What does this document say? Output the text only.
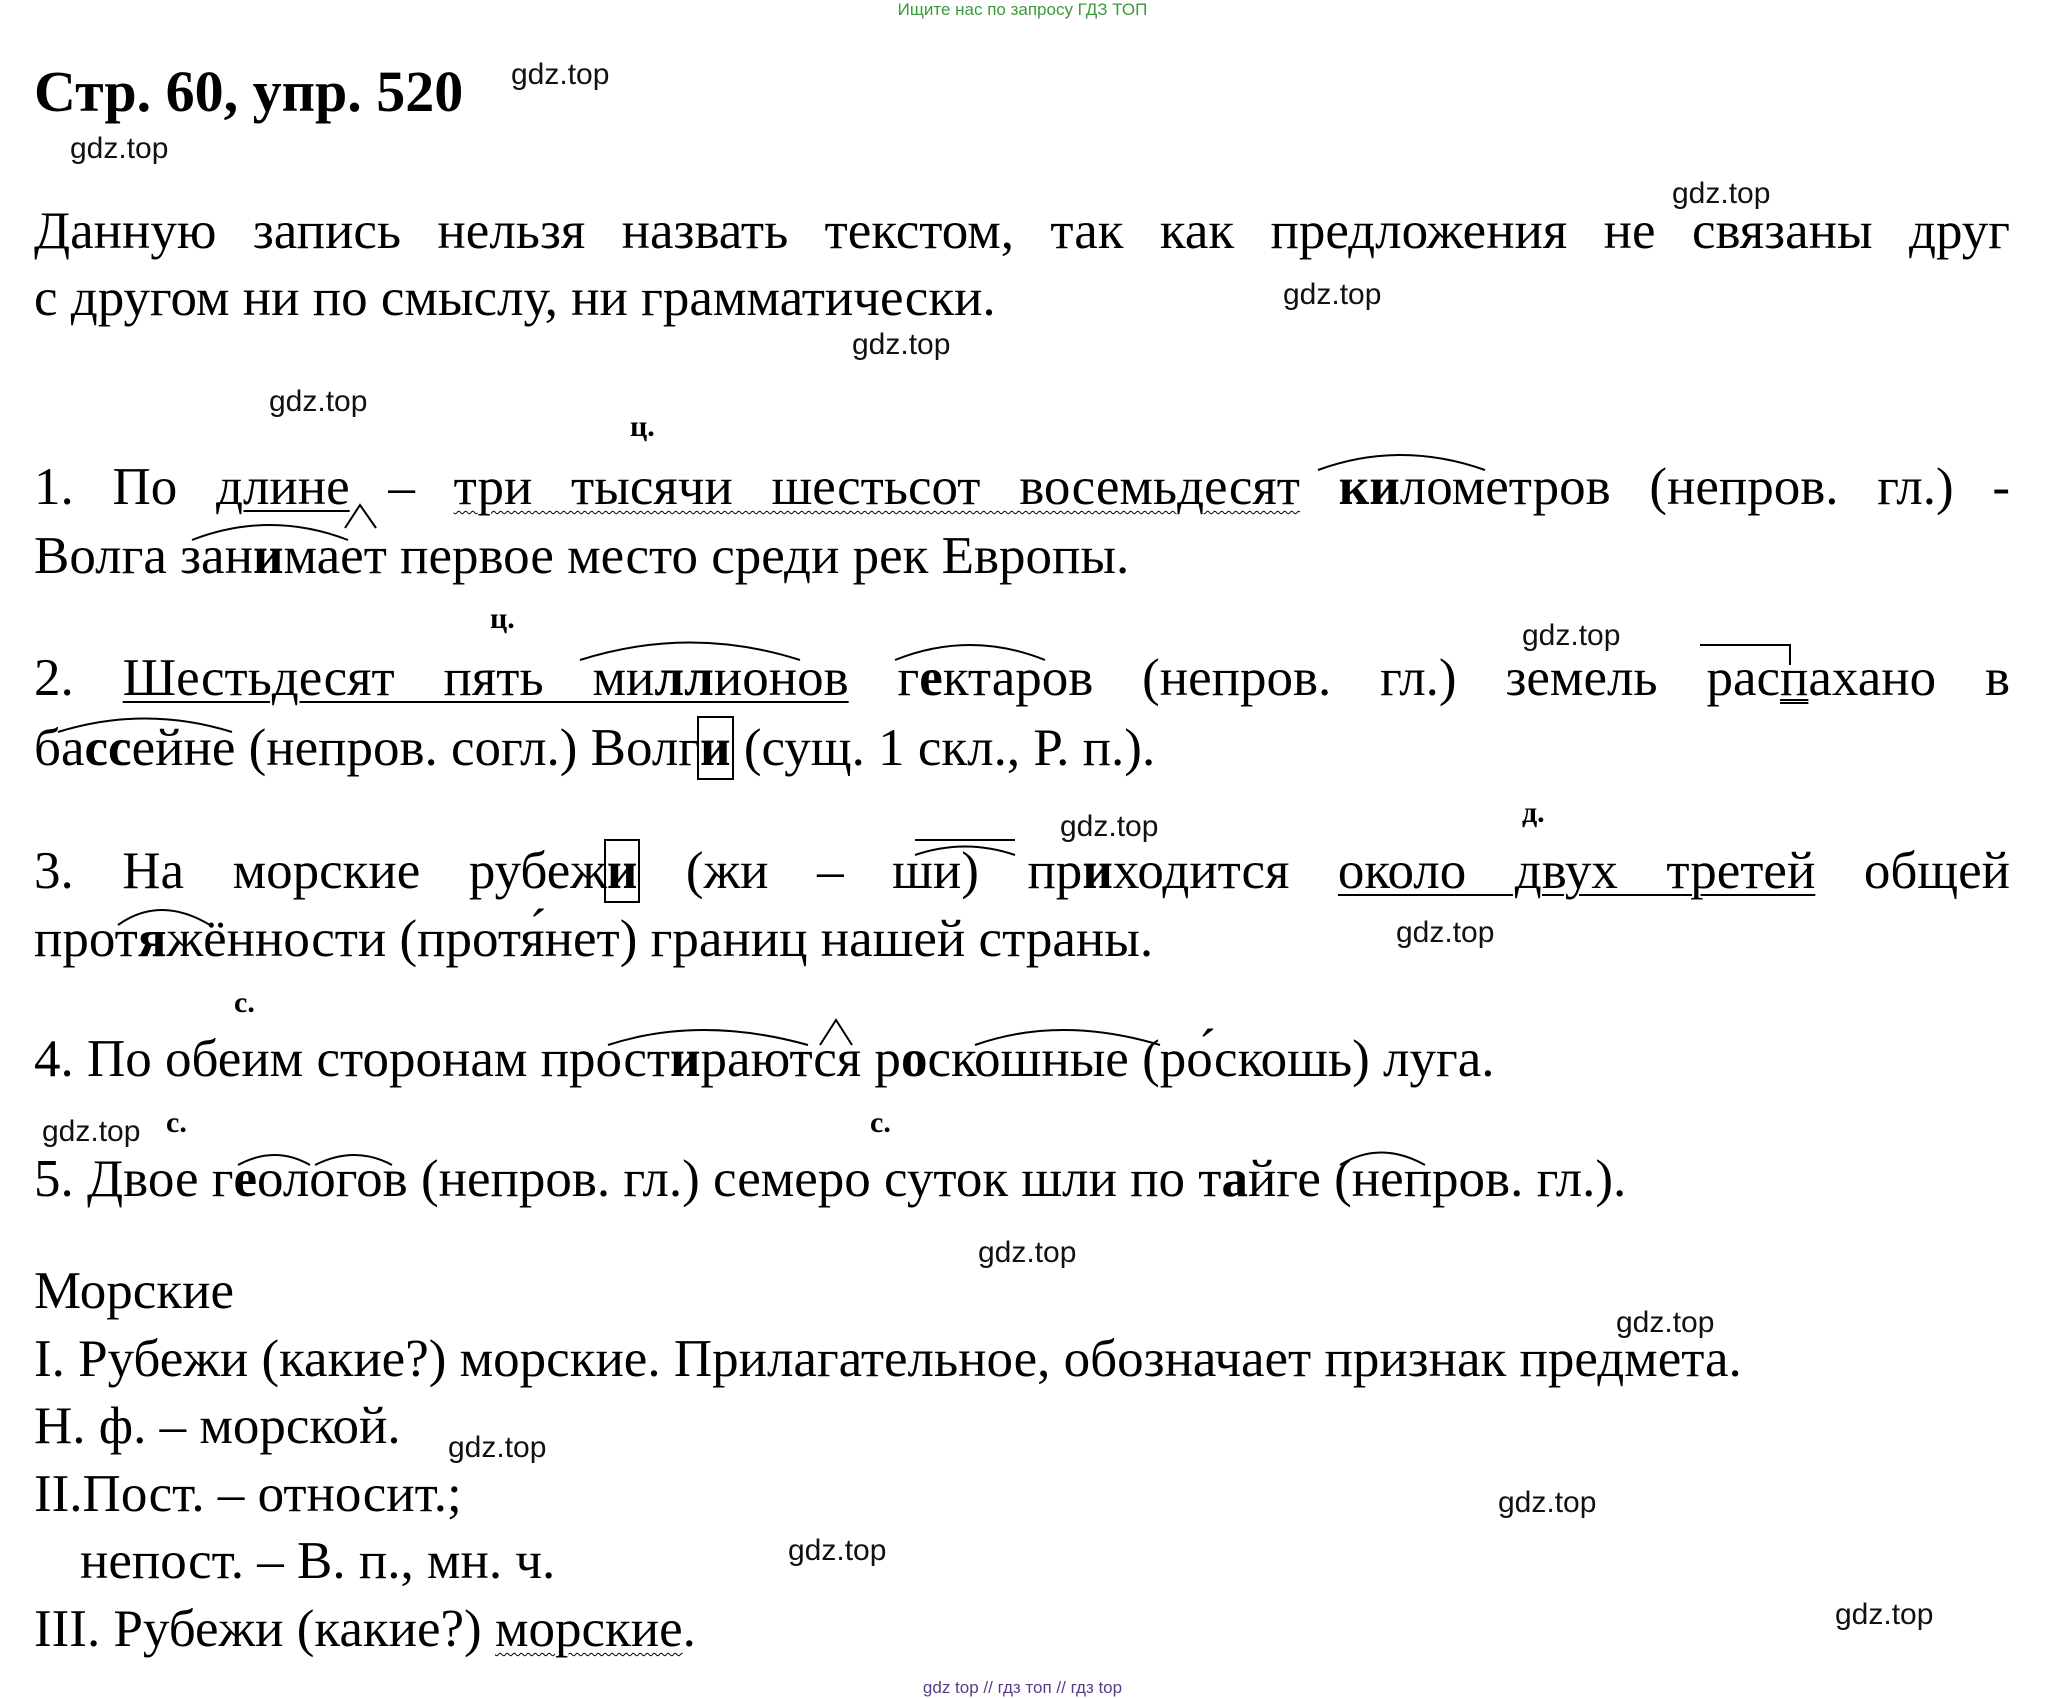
Ищите нас по запросу ГДЗ ТОП
Стр. 60, упр. 520 gdz.top
gdz.top
gdz.top
gdz.top
gdz.top
gdz.top
gdz.top
gdz.top
gdz.top
gdz.top
gdz.top
gdz.top
gdz.top
gdz.top
gdz.top
gdz.top
Данную запись нельзя назвать текстом, так как предложения не связаны друг
с другом ни по смыслу, ни грамматически.
ц.
ц.
д.
с.
с.	с.
1. По длине – три тысячи шестьсот восемьдесят километров (непров. гл.) -
Волга занимает первое место среди рек Европы.
2. Шестьдесят пять миллионов гектаров (непров. гл.) земель распахано в
бассейне (непров. согл.) Волги (сущ. 1 скл., Р. п.).
3. На морские рубежи (жи – ши) приходится около двух третей общей
протяжённости (протя́нет) границ нашей страны.
4. По обеим сторонам простираются роскошные (ро́скошь) луга.
5. Двое геологов (непров. гл.) семеро суток шли по тайге (непров. гл.).
Морские
I. Рубежи (какие?) морские. Прилагательное, обозначает признак предмета.
Н. ф. – морской.
II.Пост. – относит.;
непост. – В. п., мн. ч.
III. Рубежи (какие?) морские.
gdz top // гдз топ // гдз top
